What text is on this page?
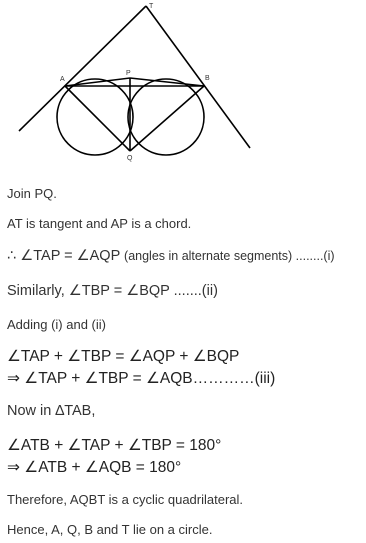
T
A
P
B
Q
Join PQ.
AT is tangent and AP is a chord.
∴ ∠TAP = ∠AQP (angles in alternate segments) ........(i)
Similarly, ∠TBP = ∠BQP .......(ii)
Adding (i) and (ii)
∠TAP + ∠TBP = ∠AQP + ∠BQP
⇒ ∠TAP + ∠TBP = ∠AQB…………(iii)
Now in ∆TAB,
∠ATB + ∠TAP + ∠TBP = 180°
⇒ ∠ATB + ∠AQB = 180°
Therefore, AQBT is a cyclic quadrilateral.
Hence, A, Q, B and T lie on a circle.
